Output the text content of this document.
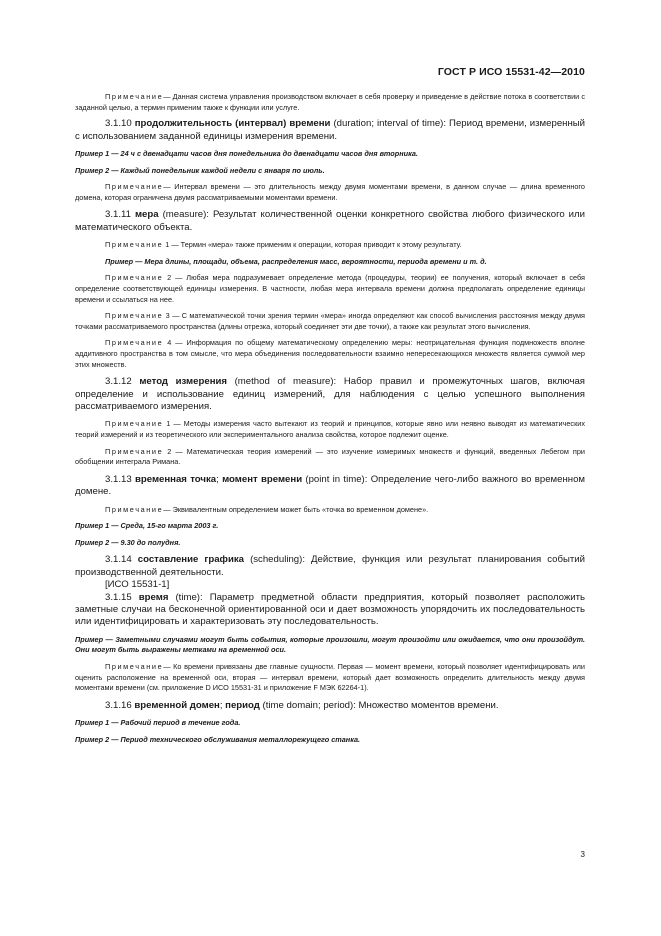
ГОСТ Р ИСО 15531-42—2010

Примечание— Данная система управления производством включает в себя проверку и приведение в действие потока в соответствии с заданной целью, а термин применим также к функции или услуге.

3.1.10 продолжительность (интервал) времени (duration; interval of time): Период времени, измеренный с использованием заданной единицы измерения времени.

Пример 1 — 24 ч с двенадцати часов дня понедельника до двенадцати часов дня вторника.

Пример 2 — Каждый понедельник каждой недели с января по июль.

Примечание— Интервал времени — это длительность между двумя моментами времени, в данном случае — длина временного домена, которая ограничена двумя рассматриваемыми моментами времени.

3.1.11 мера (measure): Результат количественной оценки конкретного свойства любого физического или математического объекта.

Примечание 1 — Термин «мера» также применим к операции, которая приводит к этому результату.

Пример — Мера длины, площади, объема, распределения масс, вероятности, периода времени и т. д.

Примечание 2 — Любая мера подразумевает определение метода (процедуры, теории) ее получения, который включает в себя определение соответствующей единицы измерения. В частности, любая мера интервала времени должна предполагать определение единицы времени и ссылаться на нее.

Примечание 3 — С математической точки зрения термин «мера» иногда определяют как способ вычисления расстояния между двумя точками рассматриваемого пространства (длины отрезка, который соединяет эти две точки), а также как результат этого вычисления.

Примечание 4 — Информация по общему математическому определению меры: неотрицательная функция подмножеств вполне аддитивного пространства в том смысле, что мера объединения последовательности взаимно непересекающихся множеств является суммой мер этих множеств.

3.1.12 метод измерения (method of measure): Набор правил и промежуточных шагов, включая определение и использование единиц измерений, для наблюдения с целью успешного выполнения рассматриваемого измерения.

Примечание 1 — Методы измерения часто вытекают из теорий и принципов, которые явно или неявно выводят из математических теорий измерений и из теоретического или экспериментального анализа свойства, которое подлежит оценке.

Примечание 2 — Математическая теория измерений — это изучение измеримых множеств и функций, введенных Лебегом при обобщении интеграла Римана.

3.1.13 временная точка; момент времени (point in time): Определение чего-либо важного во временном домене.

Примечание— Эквивалентным определением может быть «точка во временном домене».

Пример 1 — Среда, 15-го марта 2003 г.

Пример 2 — 9.30 до полудня.

3.1.14 составление графика (scheduling): Действие, функция или результат планирования событий производственной деятельности.

[ИСО 15531-1]

3.1.15 время (time): Параметр предметной области предприятия, который позволяет расположить заметные случаи на бесконечной ориентированной оси и дает возможность упорядочить их последовательность или идентифицировать и характеризовать эту последовательность.

Пример — Заметными случаями могут быть события, которые произошли, могут произойти или ожидается, что они произойдут. Они могут быть выражены метками на временной оси.

Примечание— Ко времени привязаны две главные сущности. Первая — момент времени, который позволяет идентифицировать или оценить расположение на временной оси, вторая — интервал времени, который дает возможность определить длительность между двумя моментами времени (см. приложение D ИСО 15531-31 и приложение F МЭК 62264-1).

3.1.16 временной домен; период (time domain; period): Множество моментов времени.

Пример 1 — Рабочий период в течение года.

Пример 2 — Период технического обслуживания металлорежущего станка.

3
